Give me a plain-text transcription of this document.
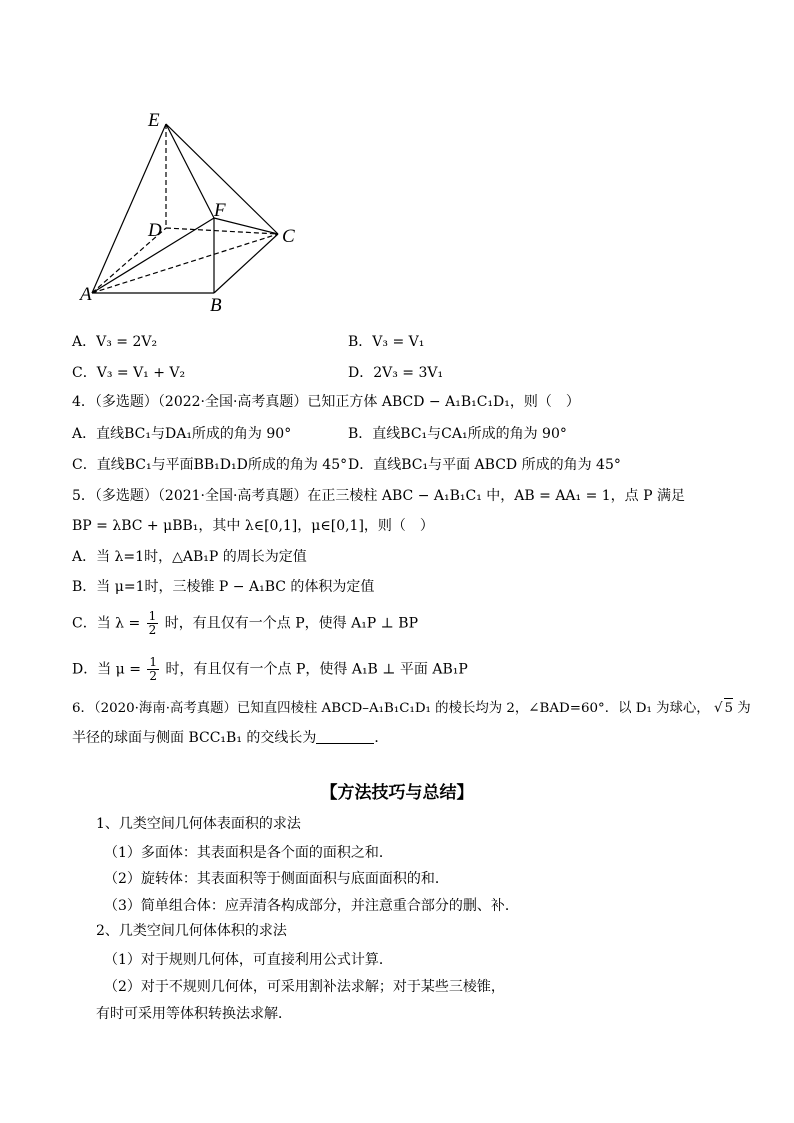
E
F
D	C
A
B
A．V₃ = 2V₂	B．V₃ = V₁
C．V₃ = V₁ + V₂	D．2V₃ = 3V₁
4．（多选题）（2022·全国·高考真题）已知正方体 ABCD − A₁B₁C₁D₁，则（　）
A．直线BC₁与DA₁所成的角为 90°	B．直线BC₁与CA₁所成的角为 90°
C．直线BC₁与平面BB₁D₁D所成的角为 45° D．直线BC₁与平面 ABCD 所成的角为 45°
5．（多选题）（2021·全国·高考真题）在正三棱柱 ABC − A₁B₁C₁ 中，AB = AA₁ = 1，点 P 满足
BP = λBC + μBB₁，其中 λ∈[0,1]，μ∈[0,1]，则（　）
A．当 λ=1时，△AB₁P 的周长为定值
B．当 μ=1时，三棱锥 P − A₁BC 的体积为定值
C．当 $\lambda = \frac{1}{2}$ 时，有且仅有一个点 P，使得 A₁P ⊥ BP
D．当 $\mu = \frac{1}{2}$ 时，有且仅有一个点 P，使得 A₁B ⊥ 平面 AB₁P
6．（2020·海南·高考真题）已知直四棱柱 ABCD–A₁B₁C₁D₁ 的棱长均为 2，∠BAD=60°．以 D₁ 为球心， √ 5 为
半径的球面与侧面 BCC₁B₁ 的交线长为	．
【方法技巧与总结】
1、几类空间几何体表面积的求法
（1）多面体：其表面积是各个面的面积之和．
（2）旋转体：其表面积等于侧面面积与底面面积的和．
（3）简单组合体：应弄清各构成部分，并注意重合部分的删、补．
2、几类空间几何体体积的求法
（1）对于规则几何体，可直接利用公式计算．
（2）对于不规则几何体，可采用割补法求解；对于某些三棱锥，
有时可采用等体积转换法求解．
